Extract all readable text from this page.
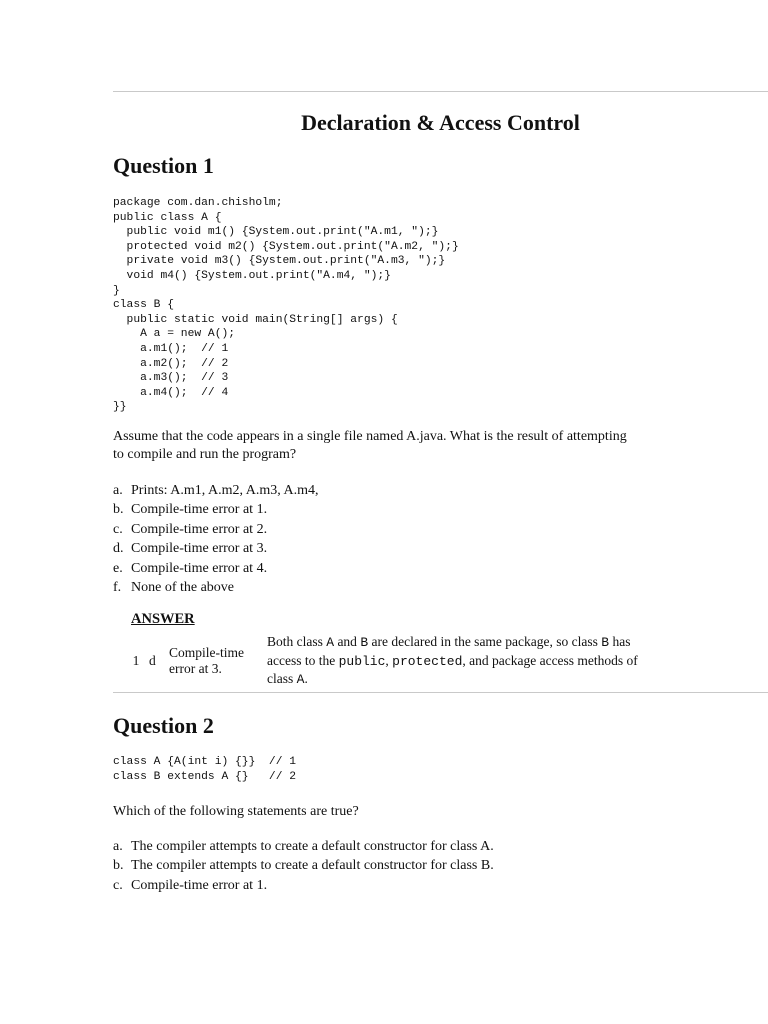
Declaration & Access Control
Question 1
package com.dan.chisholm;
public class A {
public void m1() {System.out.print("A.m1, ");}
protected void m2() {System.out.print("A.m2, ");}
private void m3() {System.out.print("A.m3, ");}
void m4() {System.out.print("A.m4, ");}
}
class B {
public static void main(String[] args) {
A a = new A();
a.m1();  // 1
a.m2();  // 2
a.m3();  // 3
a.m4();  // 4
}}
Assume that the code appears in a single file named A.java. What is the result of attempting to compile and run the program?
a. Prints: A.m1, A.m2, A.m3, A.m4,
b. Compile-time error at 1.
c. Compile-time error at 2.
d. Compile-time error at 3.
e. Compile-time error at 4.
f. None of the above
ANSWER
1	d	Compile-time error at 3.	Both class A and B are declared in the same package, so class B has access to the public, protected, and package access methods of class A.
Question 2
class A {A(int i) {}}  // 1
class B extends A {}   // 2
Which of the following statements are true?
a. The compiler attempts to create a default constructor for class A.
b. The compiler attempts to create a default constructor for class B.
c. Compile-time error at 1.
